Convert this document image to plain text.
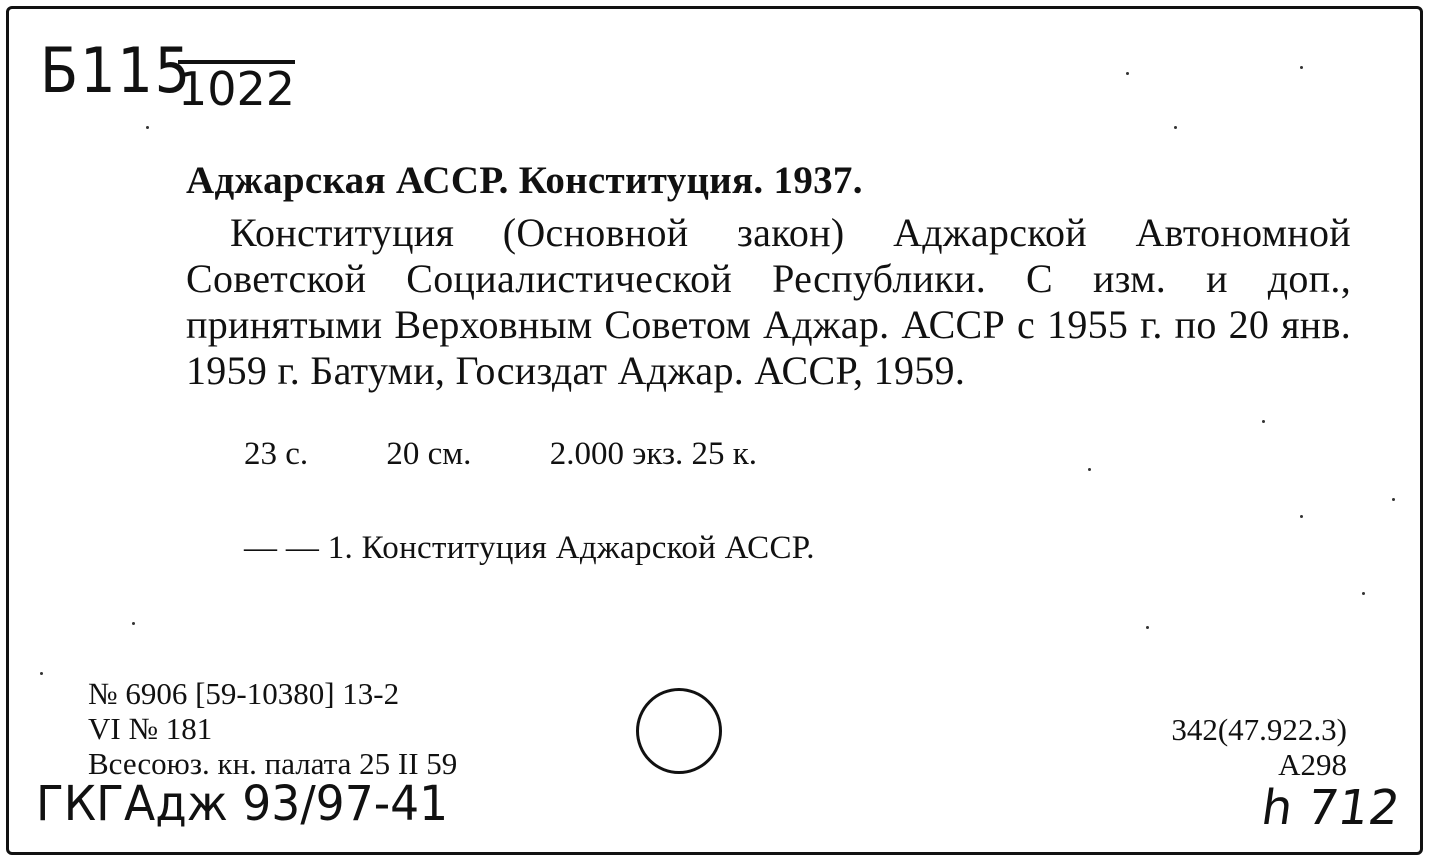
Б115
1022
Аджарская АССР. Конституция. 1937.
Конституция (Основной закон) Аджарской Автономной Советской Социалистической Республики. С изм. и доп., принятыми Верховным Советом Аджар. АССР с 1955 г. по 20 янв. 1959 г. Батуми, Госиздат Аджар. АССР, 1959.
23 с. 20 см. 2.000 экз. 25 к.
— — 1. Конституция Аджарской АССР.
№ 6906 [59-10380] 13-2
VI № 181
Всесоюз. кн. палата 25 II 59
342(47.922.3)
А298
ГКГАдж 93/97-41	h 712
